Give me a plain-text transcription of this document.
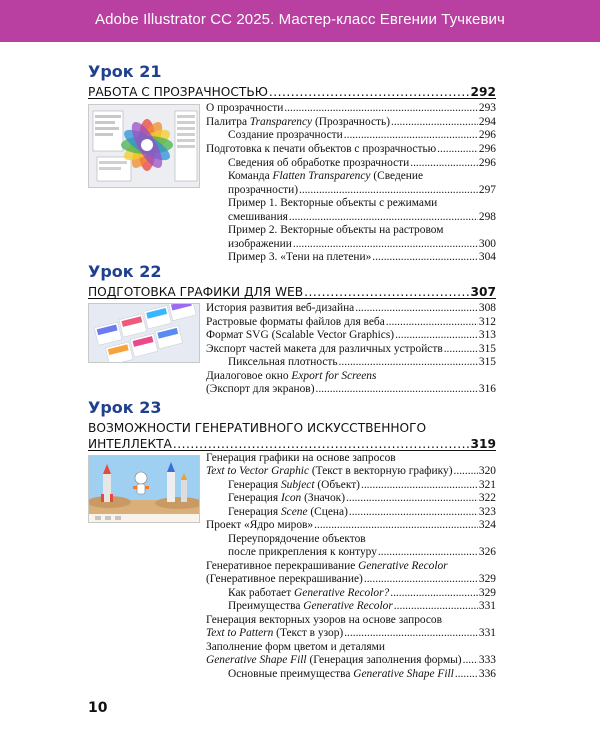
Adobe Illustrator CC 2025. Мастер-класс Евгении Тучкевич
Урок 21
РАБОТА С ПРОЗРАЧНОСТЬЮ .....	292
О прозрачности .....	293
Палитра Transparency (Прозрачность) .....	294
Создание прозрачности .....	296
Подготовка к печати объектов с прозрачностью .....	296
Сведения об обработке прозрачности .....	296
Команда Flatten Transparency (Сведение
прозрачности) .....	297
Пример 1. Векторные объекты с режимами
смешивания .....	298
Пример 2. Векторные объекты на растровом
изображении .....	300
Пример 3. «Тени на плетени» .....	304
Урок 22
ПОДГОТОВКА ГРАФИКИ ДЛЯ WEB .....	307
История развития веб-дизайна .....	308
Растровые форматы файлов для веба .....	312
Формат SVG (Scalable Vector Graphics) .....	313
Экспорт частей макета для различных устройств .....	315
Пиксельная плотность .....	315
Диалоговое окно Export for Screens
(Экспорт для экранов) .....	316
Урок 23
ВОЗМОЖНОСТИ ГЕНЕРАТИВНОГО ИСКУССТВЕННОГО
ИНТЕЛЛЕКТА .....	319
Генерация графики на основе запросов
Text to Vector Graphic (Текст в векторную графику) ..... 320
Генерация Subject (Объект) .....	321
Генерация Icon (Значок) .....	322
Генерация Scene (Сцена) .....	323
Проект «Ядро миров» .....	324
Переупорядочение объектов
после прикрепления к контуру .....	326
Генеративное перекрашивание Generative Recolor
(Генеративное перекрашивание) .....	329
Как работает Generative Recolor? .....	329
Преимущества Generative Recolor .....	331
Генерация векторных узоров на основе запросов
Text to Pattern (Текст в узор) .....	331
Заполнение форм цветом и деталями
Generative Shape Fill (Генерация заполнения формы) ..... 333
Основные преимущества Generative Shape Fill ..... 336
10
